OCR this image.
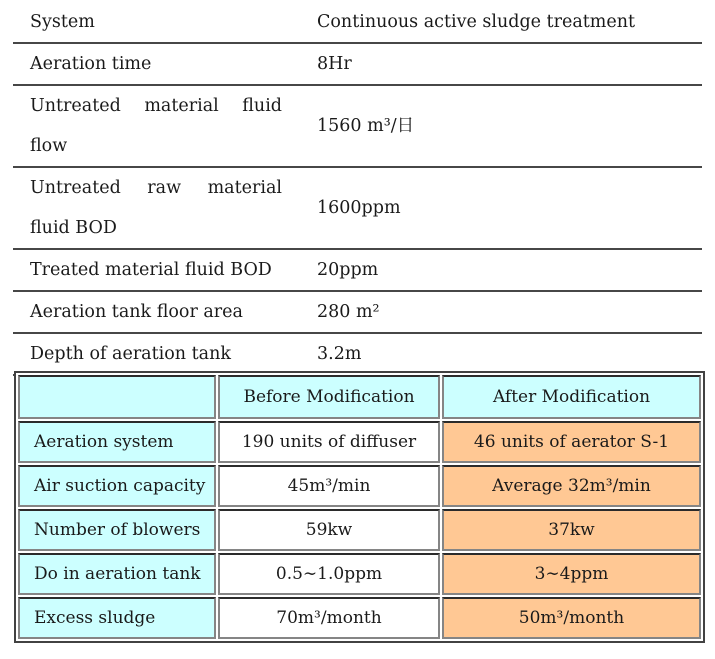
System	Continuous active sludge treatment

Aeration time	8Hr

Untreated material fluid flow	1560 m³/日

Untreated raw material fluid BOD	1600ppm

Treated material fluid BOD	20ppm

Aeration tank floor area	280 m²

Depth of aeration tank	3.2m
	Before Modification	After Modification
Aeration system	190 units of diffuser	46 units of aerator S-1
Air suction capacity	45m³/min	Average 32m³/min
Number of blowers	59kw	37kw
Do in aeration tank	0.5∼1.0ppm	3∼4ppm
Excess sludge	70m³/month	50m³/month
